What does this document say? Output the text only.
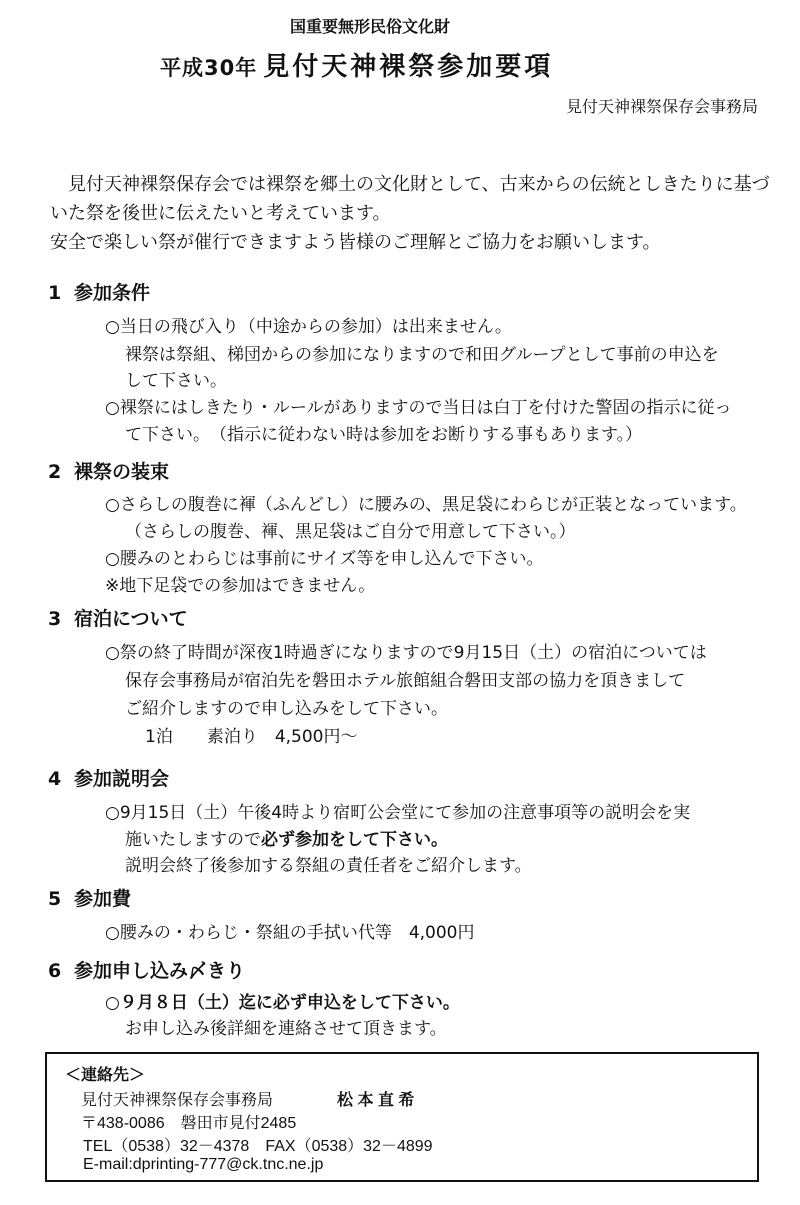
国重要無形民俗文化財
平成30年 見付天神裸祭参加要項
見付天神裸祭保存会事務局

見付天神裸祭保存会では裸祭を郷土の文化財として、古来からの伝統としきたりに基づいた祭を後世に伝えたいと考えています。

安全で楽しい祭が催行できますよう皆様のご理解とご協力をお願いします。

1 参加条件
○当日の飛び入り（中途からの参加）は出来ません。
裸祭は祭組、梯団からの参加になりますので和田グループとして事前の申込を
して下さい。
○裸祭にはしきたり・ルールがありますので当日は白丁を付けた警固の指示に従っ
て下さい。　（指示に従わない時は参加をお断りする事もあります。）
2 裸祭の装束
○さらしの腹巻に褌（ふんどし）に腰みの、黒足袋にわらじが正装となっています。
（さらしの腹巻、褌、黒足袋はご自分で用意して下さい。）
○腰みのとわらじは事前にサイズ等を申し込んで下さい。
※地下足袋での参加はできません。
3 宿泊について
○祭の終了時間が深夜1時過ぎになりますので9月15日（土）の宿泊については
保存会事務局が宿泊先を磐田ホテル旅館組合磐田支部の協力を頂きまして
ご紹介しますので申し込みをして下さい。
1泊　　素泊り　4,500円～
4 参加説明会
○9月15日（土）午後4時より宿町公会堂にて参加の注意事項等の説明会を実
施いたしますので必ず参加をして下さい。
説明会終了後参加する祭組の責任者をご紹介します。
5 参加費
○腰みの・わらじ・祭組の手拭い代等　4,000円
6 参加申し込み〆きり
○９月８日（土）迄に必ず申込をして下さい。
お申し込み後詳細を連絡させて頂きます。
＜連絡先＞
見付天神裸祭保存会事務局	松 本 直 希
〒438-0086　磐田市見付2485
TEL（0538）32－4378　FAX（0538）32－4899
E-mail:dprinting-777@ck.tnc.ne.jp
